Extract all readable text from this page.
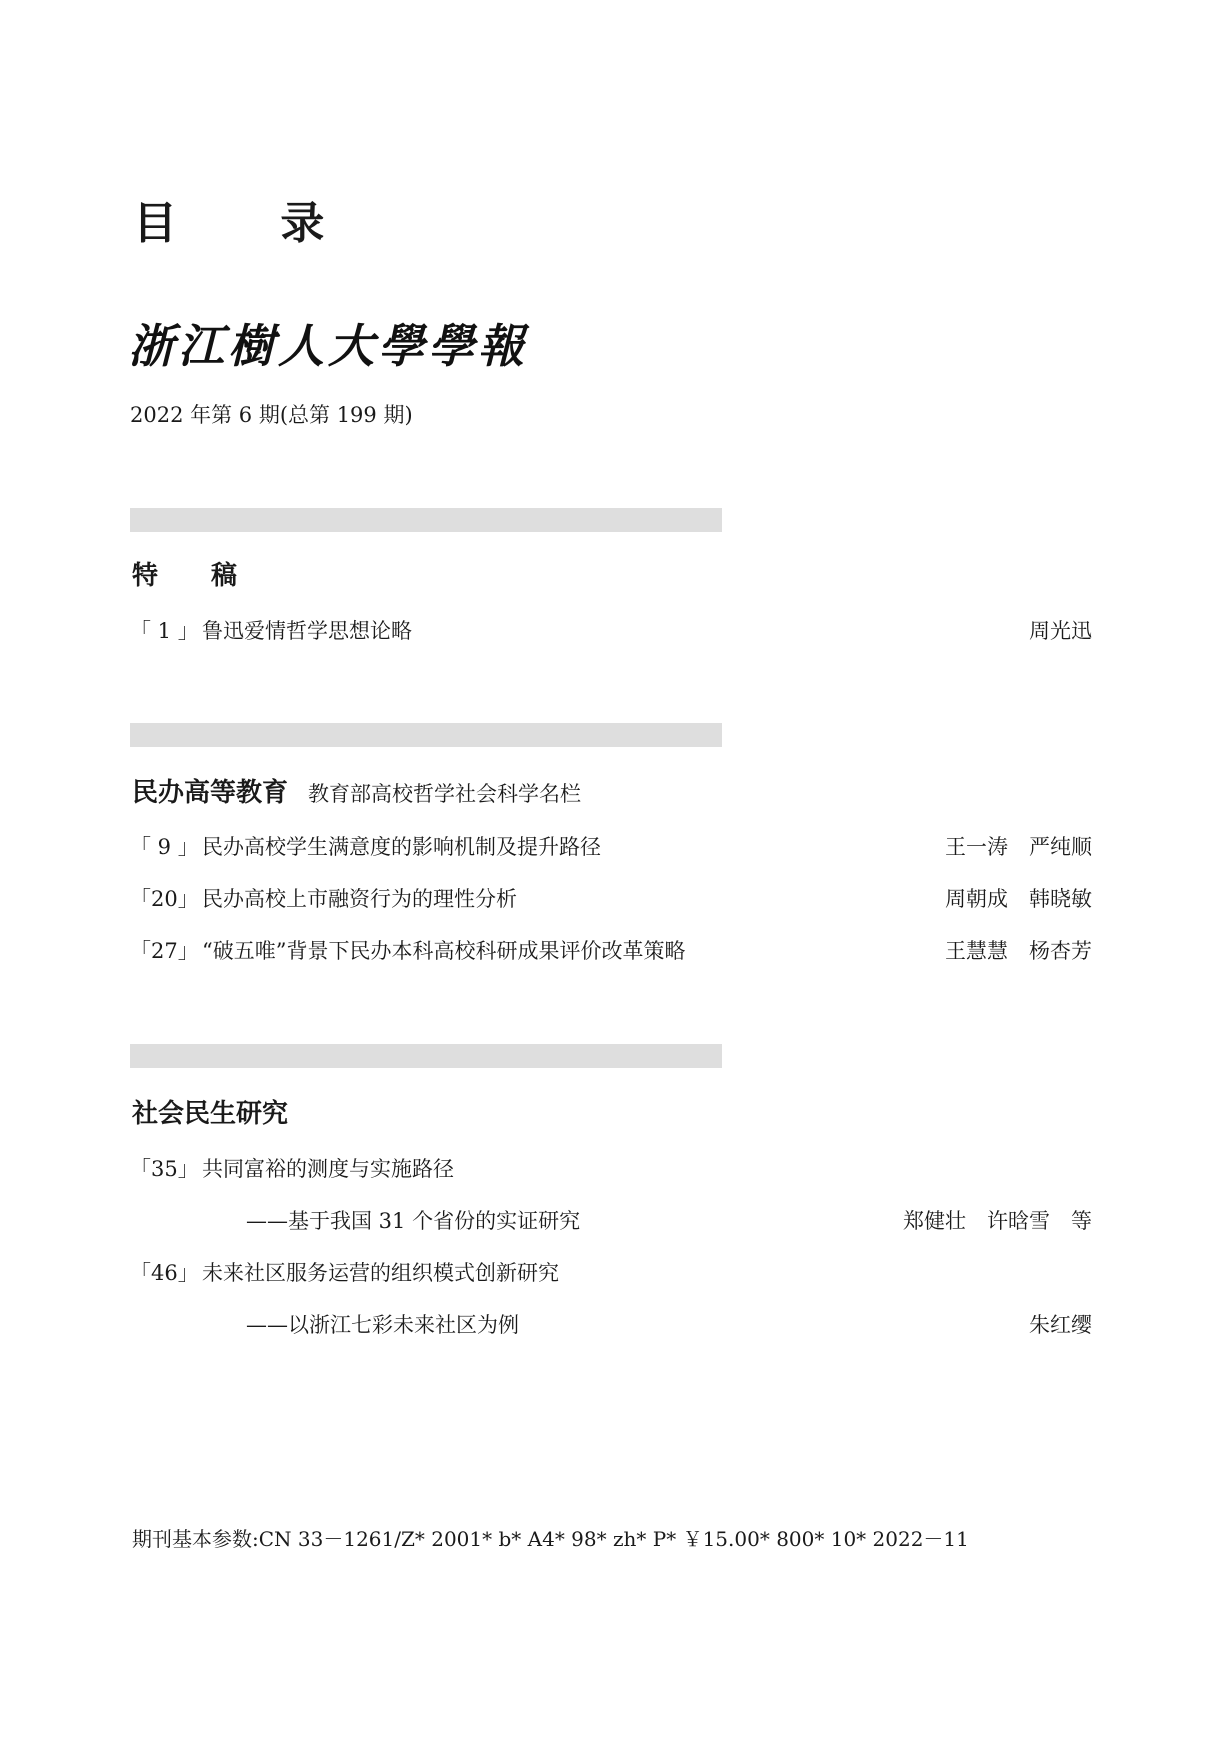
目 录
浙江樹人大學學報
2022 年第 6 期(总第 199 期)
特 稿
「 1 」 鲁迅爱情哲学思想论略	周光迅
民办高等教育 教育部高校哲学社会科学名栏
「 9 」 民办高校学生满意度的影响机制及提升路径	王一涛　严纯顺
「20」 民办高校上市融资行为的理性分析	周朝成　韩晓敏
「27」 “破五唯”背景下民办本科高校科研成果评价改革策略	王慧慧　杨杏芳
社会民生研究
「35」 共同富裕的测度与实施路径
——基于我国 31 个省份的实证研究	郑健壮　许晗雪　等
「46」 未来社区服务运营的组织模式创新研究
——以浙江七彩未来社区为例	朱红缨
期刊基本参数:CN 33－1261/Z* 2001* b* A4* 98* zh* P* ￥15.00* 800* 10* 2022－11
